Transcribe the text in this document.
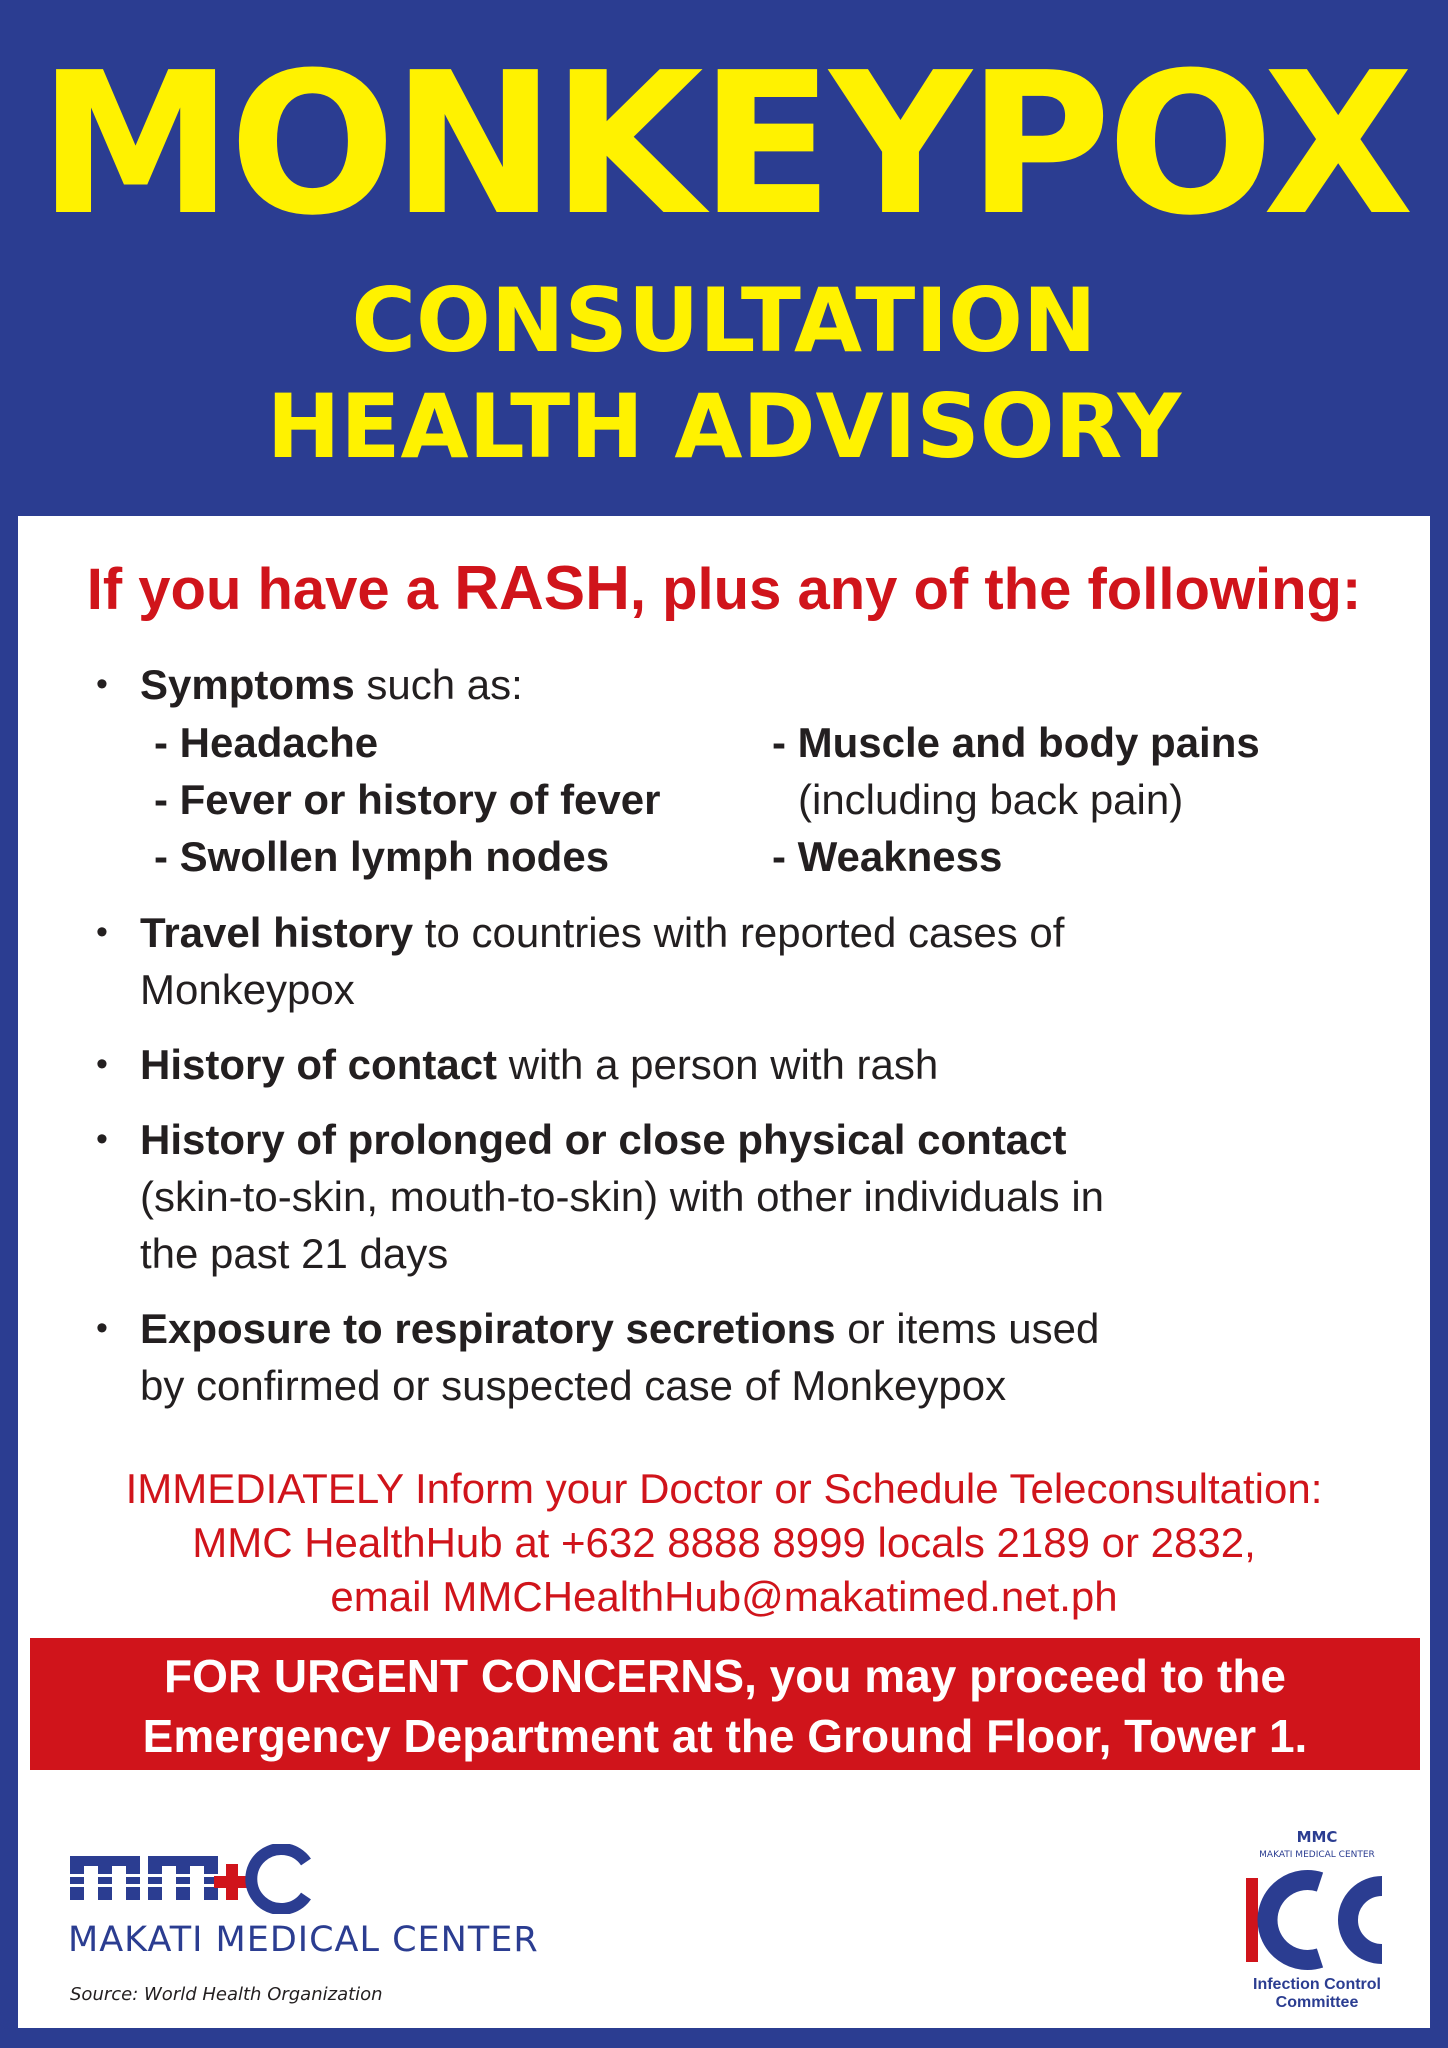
MONKEYPOX
CONSULTATION
HEALTH ADVISORY
If you have a RASH, plus any of the following:
• Symptoms such as:
- Headache
- Fever or history of fever
- Swollen lymph nodes
- Muscle and body pains
(including back pain)
- Weakness
• Travel history to countries with reported cases of
Monkeypox
• History of contact with a person with rash
• History of prolonged or close physical contact
(skin-to-skin, mouth-to-skin) with other individuals in
the past 21 days
• Exposure to respiratory secretions or items used
by confirmed or suspected case of Monkeypox
IMMEDIATELY Inform your Doctor or Schedule Teleconsultation:
MMC HealthHub at +632 8888 8999 locals 2189 or 2832,
email MMCHealthHub@makatimed.net.ph
FOR URGENT CONCERNS, you may proceed to the
Emergency Department at the Ground Floor, Tower 1.
MAKATI MEDICAL CENTER
Source: World Health Organization
MMC
MAKATI MEDICAL CENTER
Infection Control
Committee
